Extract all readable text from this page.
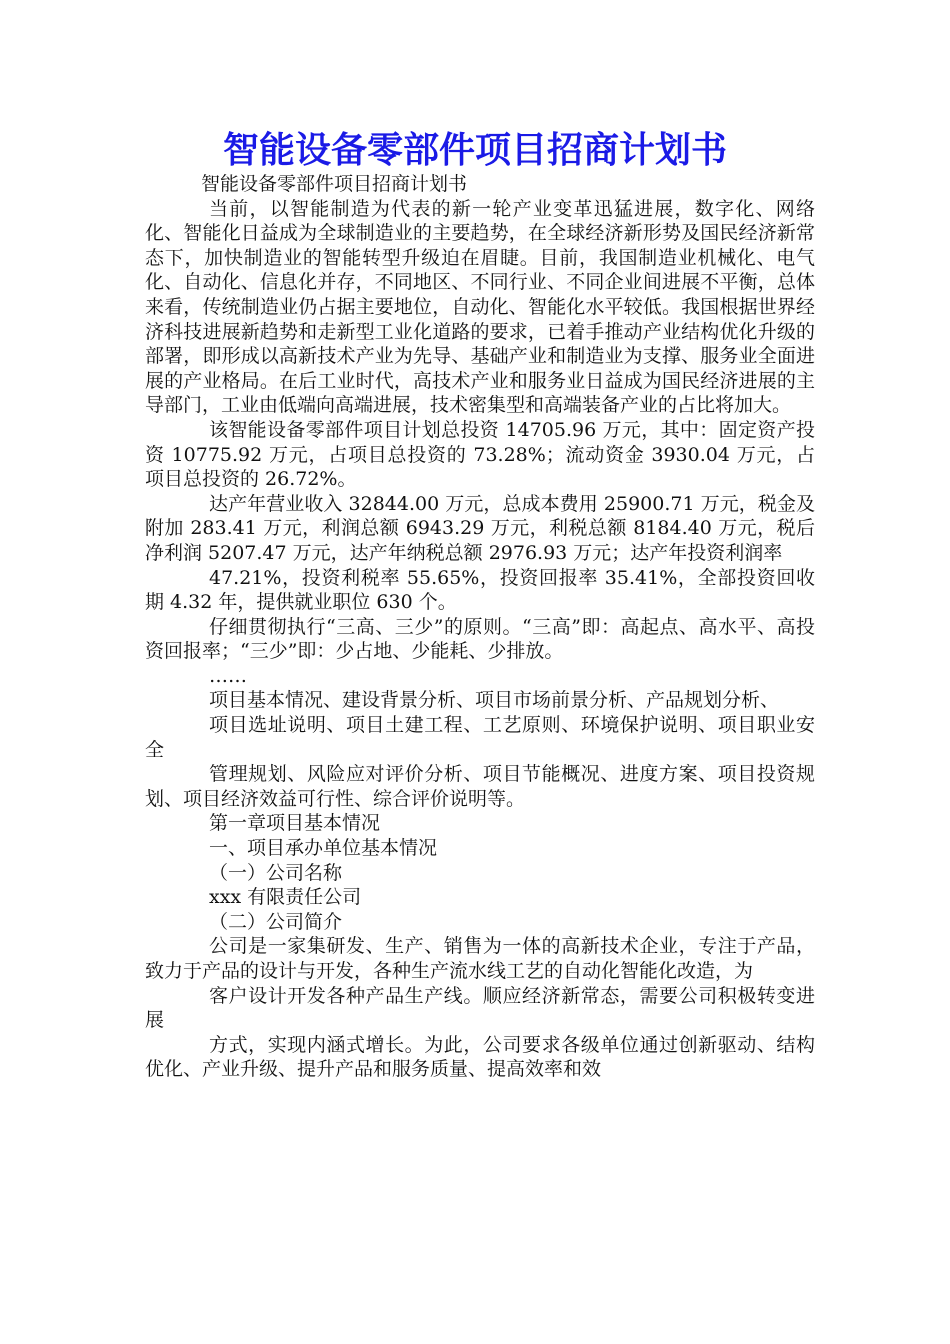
智能设备零部件项目招商计划书

智能设备零部件项目招商计划书

当前，以智能制造为代表的新一轮产业变革迅猛进展，数字化、网络化、智能化日益成为全球制造业的主要趋势，在全球经济新形势及国民经济新常态下，加快制造业的智能转型升级迫在眉睫。目前，我国制造业机械化、电气化、自动化、信息化并存，不同地区、不同行业、不同企业间进展不平衡，总体来看，传统制造业仍占据主要地位，自动化、智能化水平较低。我国根据世界经济科技进展新趋势和走新型工业化道路的要求，已着手推动产业结构优化升级的部署，即形成以高新技术产业为先导、基础产业和制造业为支撑、服务业全面进展的产业格局。在后工业时代，高技术产业和服务业日益成为国民经济进展的主导部门，工业由低端向高端进展，技术密集型和高端装备产业的占比将加大。

该智能设备零部件项目计划总投资 14705.96 万元，其中：固定资产投资 10775.92 万元，占项目总投资的 73.28%；流动资金 3930.04 万元，占项目总投资的 26.72%。

达产年营业收入 32844.00 万元，总成本费用 25900.71 万元，税金及附加 283.41 万元，利润总额 6943.29 万元，利税总额 8184.40 万元，税后净利润 5207.47 万元，达产年纳税总额 2976.93 万元；达产年投资利润率

47.21%，投资利税率 55.65%，投资回报率 35.41%，全部投资回收期 4.32 年，提供就业职位 630 个。

仔细贯彻执行“三高、三少”的原则。“三高”即：高起点、高水平、高投资回报率；“三少”即：少占地、少能耗、少排放。

……

项目基本情况、建设背景分析、项目市场前景分析、产品规划分析、

项目选址说明、项目土建工程、工艺原则、环境保护说明、项目职业安全

管理规划、风险应对评价分析、项目节能概况、进度方案、项目投资规划、项目经济效益可行性、综合评价说明等。

第一章项目基本情况

一、项目承办单位基本情况

（一）公司名称

xxx 有限责任公司

（二）公司简介

公司是一家集研发、生产、销售为一体的高新技术企业，专注于产品，致力于产品的设计与开发，各种生产流水线工艺的自动化智能化改造，为

客户设计开发各种产品生产线。顺应经济新常态，需要公司积极转变进展

方式，实现内涵式增长。为此，公司要求各级单位通过创新驱动、结构优化、产业升级、提升产品和服务质量、提高效率和效
